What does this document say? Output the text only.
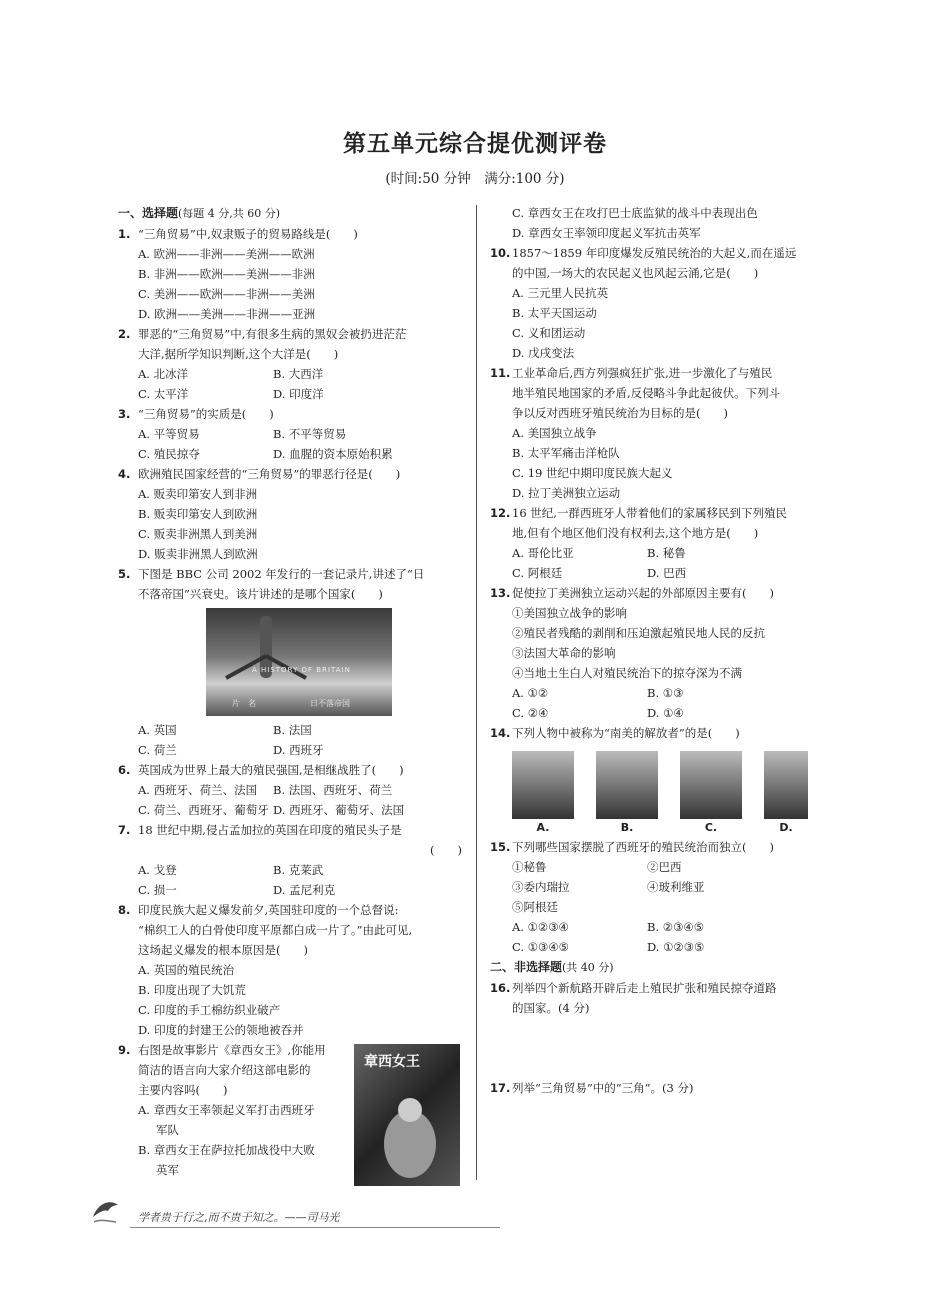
第五单元综合提优测评卷
(时间:50 分钟　满分:100 分)
一、选择题(每题 4 分,共 60 分)
1. “三角贸易”中,奴隶贩子的贸易路线是(　　)
A. 欧洲——非洲——美洲——欧洲
B. 非洲——欧洲——美洲——非洲
C. 美洲——欧洲——非洲——美洲
D. 欧洲——美洲——非洲——亚洲
2. 罪恶的“三角贸易”中,有很多生病的黑奴会被扔进茫茫
大洋,据所学知识判断,这个大洋是(　　)
A. 北冰洋	B. 大西洋
C. 太平洋	D. 印度洋
3. “三角贸易”的实质是(　　)
A. 平等贸易	B. 不平等贸易
C. 殖民掠夺	D. 血腥的资本原始积累
4. 欧洲殖民国家经营的“三角贸易”的罪恶行径是(　　)
A. 贩卖印第安人到非洲
B. 贩卖印第安人到欧洲
C. 贩卖非洲黑人到美洲
D. 贩卖非洲黑人到欧洲
5. 下图是 BBC 公司 2002 年发行的一套记录片,讲述了“日
不落帝国”兴衰史。该片讲述的是哪个国家(　　)
A HISTORY OF BRITAIN
片　名	日不落帝国
A. 英国	B. 法国
C. 荷兰	D. 西班牙
6. 英国成为世界上最大的殖民强国,是相继战胜了(　　)
A. 西班牙、荷兰、法国	B. 法国、西班牙、荷兰
C. 荷兰、西班牙、葡萄牙 D. 西班牙、葡萄牙、法国
7. 18 世纪中期,侵占孟加拉的英国在印度的殖民头子是
(　　)
A. 戈登	B. 克莱武
C. 损一	D. 孟尼利克
8. 印度民族大起义爆发前夕,英国驻印度的一个总督说:
“棉织工人的白骨使印度平原都白成一片了。”由此可见,
这场起义爆发的根本原因是(　　)
A. 英国的殖民统治
B. 印度出现了大饥荒
C. 印度的手工棉纺织业破产
D. 印度的封建王公的领地被吞并
9. 右图是故事影片《章西女王》,你能用
简洁的语言向大家介绍这部电影的
主要内容吗(　　)
A. 章西女王率领起义军打击西班牙
军队
B. 章西女王在萨拉托加战役中大败
英军
章西女王
C. 章西女王在攻打巴士底监狱的战斗中表现出色
D. 章西女王率领印度起义军抗击英军
10. 1857～1859 年印度爆发反殖民统治的大起义,而在遥远
的中国,一场大的农民起义也风起云涌,它是(　　)
A. 三元里人民抗英
B. 太平天国运动
C. 义和团运动
D. 戊戌变法
11. 工业革命后,西方列强疯狂扩张,进一步激化了与殖民
地半殖民地国家的矛盾,反侵略斗争此起彼伏。下列斗
争以反对西班牙殖民统治为目标的是(　　)
A. 美国独立战争
B. 太平军痛击洋枪队
C. 19 世纪中期印度民族大起义
D. 拉丁美洲独立运动
12. 16 世纪,一群西班牙人带着他们的家属移民到下列殖民
地,但有个地区他们没有权利去,这个地方是(　　)
A. 哥伦比亚	B. 秘鲁
C. 阿根廷	D. 巴西
13. 促使拉丁美洲独立运动兴起的外部原因主要有(　　)
①美国独立战争的影响
②殖民者残酷的剥削和压迫激起殖民地人民的反抗
③法国大革命的影响
④当地土生白人对殖民统治下的掠夺深为不满
A. ①②	B. ①③
C. ②④	D. ①④
14. 下列人物中被称为“南美的解放者”的是(　　)
A.	B.	C.	D.
15. 下列哪些国家摆脱了西班牙的殖民统治而独立(　　)
①秘鲁	②巴西
③委内瑞拉	④玻利维亚
⑤阿根廷
A. ①②③④	B. ②③④⑤
C. ①③④⑤	D. ①②③⑤
二、非选择题(共 40 分)
16. 列举四个新航路开辟后走上殖民扩张和殖民掠夺道路
的国家。(4 分)
17. 列举“三角贸易”中的“三角”。(3 分)
学者贵于行之,而不贵于知之。——司马光
